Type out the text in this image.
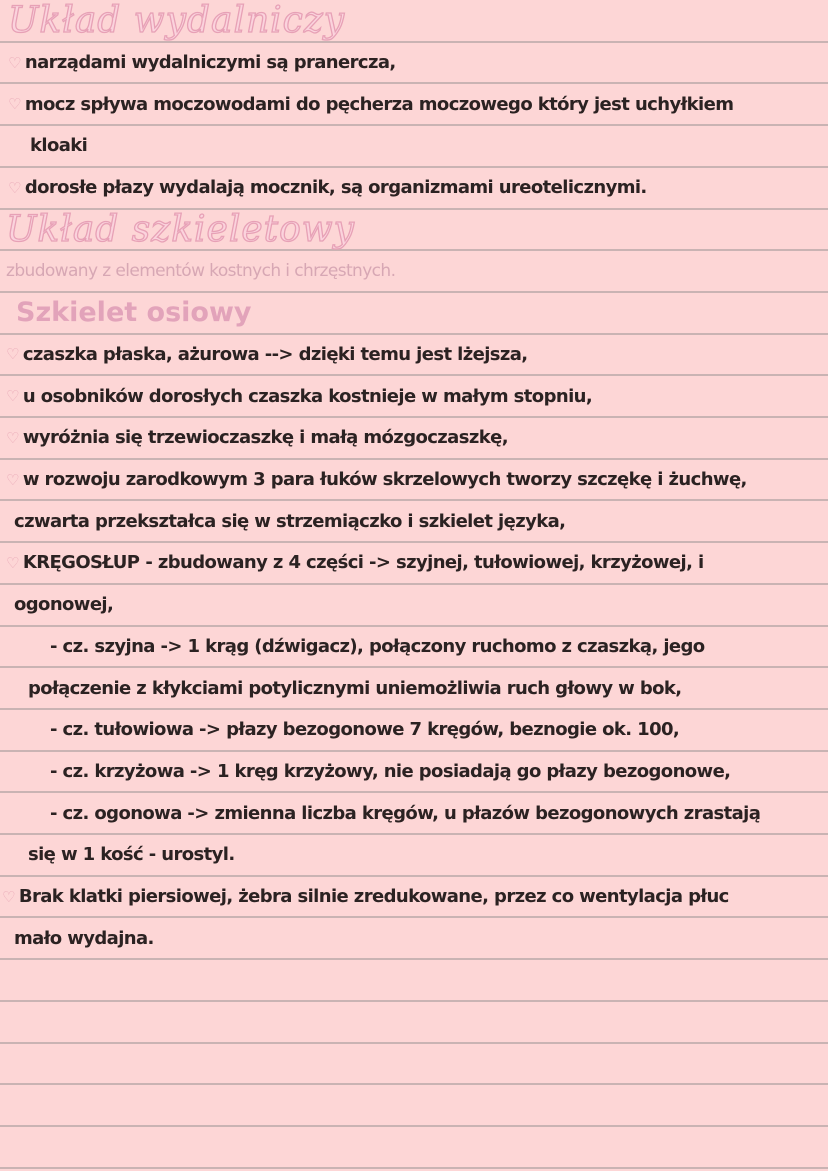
Układ wydalniczy
♡ narządami wydalniczymi są pranercza,
♡ mocz spływa moczowodami do pęcherza moczowego który jest uchyłkiem
kloaki
♡ dorosłe płazy wydalają mocznik, są organizmami ureotelicznymi.
Układ szkieletowy
zbudowany z elementów kostnych i chrzęstnych.
Szkielet osiowy
♡ czaszka płaska, ażurowa --> dzięki temu jest lżejsza,
♡ u osobników dorosłych czaszka kostnieje w małym stopniu,
♡ wyróżnia się trzewioczaszkę i małą mózgoczaszkę,
♡ w rozwoju zarodkowym 3 para łuków skrzelowych tworzy szczękę i żuchwę,
czwarta przekształca się w strzemiączko i szkielet języka,
♡ KRĘGOSŁUP - zbudowany z 4 części -> szyjnej, tułowiowej, krzyżowej, i
ogonowej,
- cz. szyjna -> 1 krąg (dźwigacz), połączony ruchomo z czaszką, jego
połączenie z kłykciami potylicznymi uniemożliwia ruch głowy w bok,
- cz. tułowiowa -> płazy bezogonowe 7 kręgów, beznogie ok. 100,
- cz. krzyżowa -> 1 kręg krzyżowy, nie posiadają go płazy bezogonowe,
- cz. ogonowa -> zmienna liczba kręgów, u płazów bezogonowych zrastają
się w 1 kość - urostyl.
♡ Brak klatki piersiowej, żebra silnie zredukowane, przez co wentylacja płuc
mało wydajna.
